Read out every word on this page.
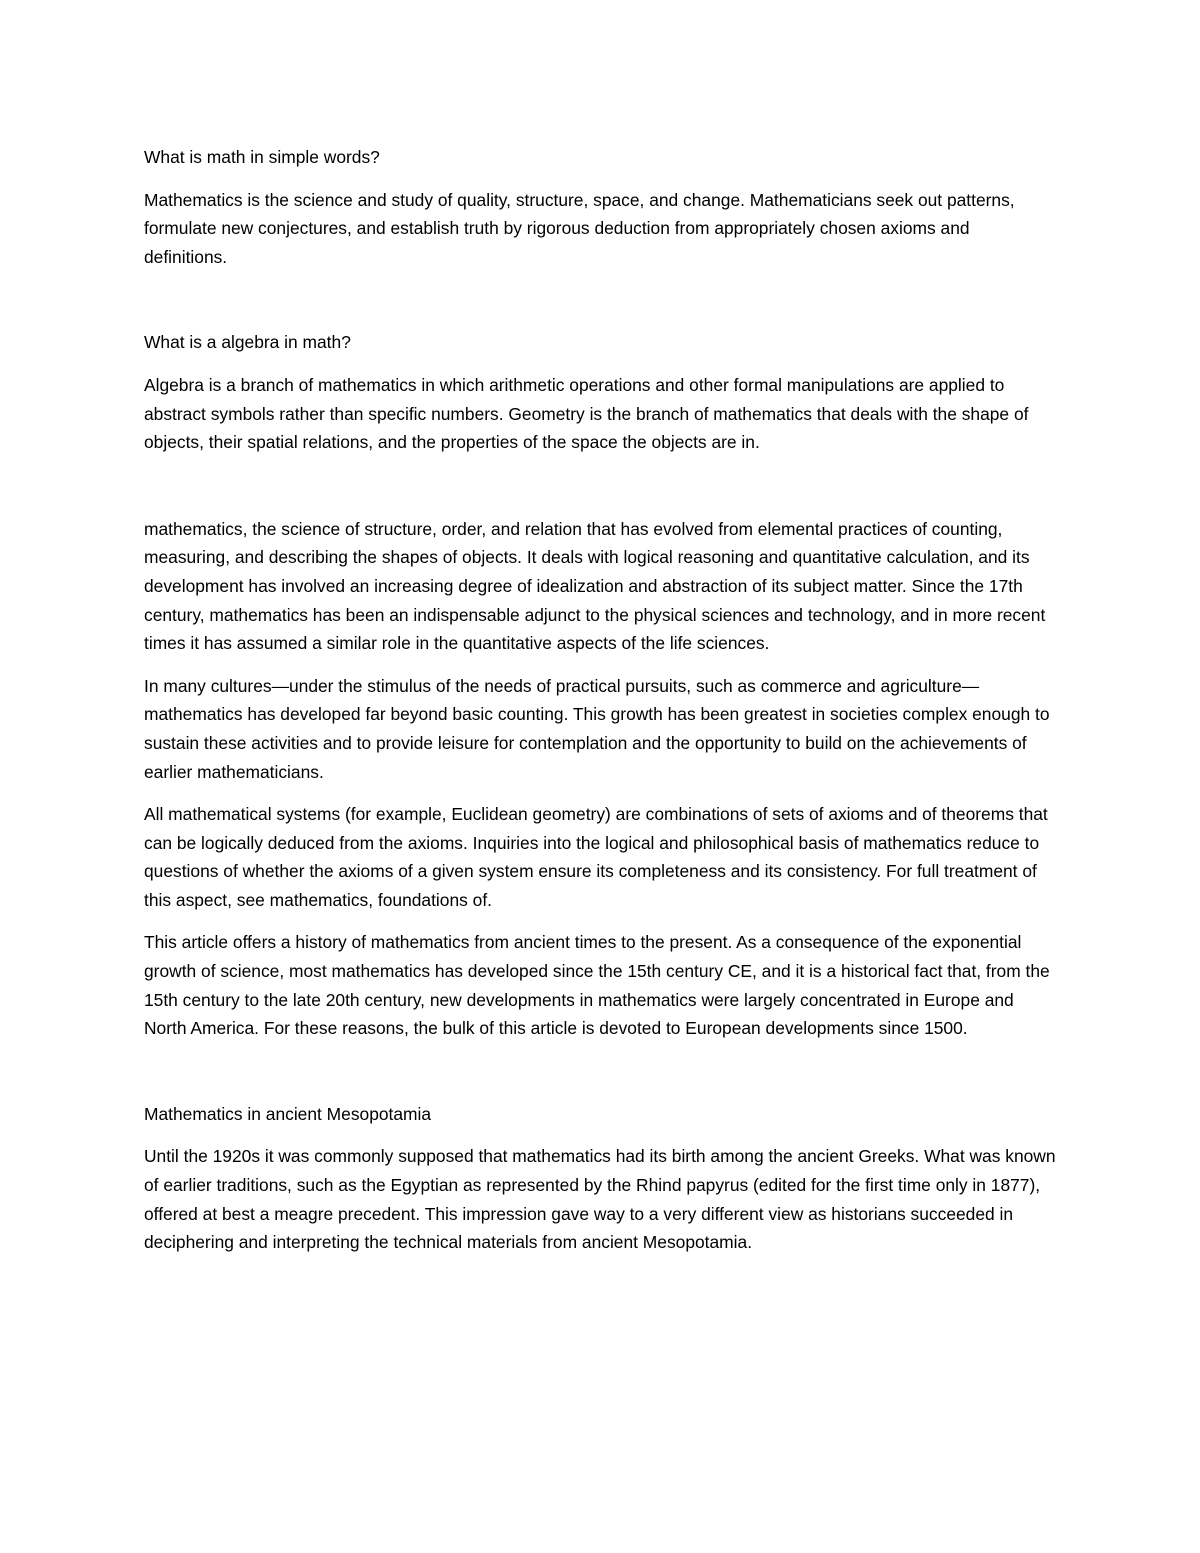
What is math in simple words?

Mathematics is the science and study of quality, structure, space, and change. Mathematicians seek out patterns, formulate new conjectures, and establish truth by rigorous deduction from appropriately chosen axioms and definitions.

What is a algebra in math?

Algebra is a branch of mathematics in which arithmetic operations and other formal manipulations are applied to abstract symbols rather than specific numbers. Geometry is the branch of mathematics that deals with the shape of objects, their spatial relations, and the properties of the space the objects are in.

mathematics, the science of structure, order, and relation that has evolved from elemental practices of counting, measuring, and describing the shapes of objects. It deals with logical reasoning and quantitative calculation, and its development has involved an increasing degree of idealization and abstraction of its subject matter. Since the 17th century, mathematics has been an indispensable adjunct to the physical sciences and technology, and in more recent times it has assumed a similar role in the quantitative aspects of the life sciences.

In many cultures—under the stimulus of the needs of practical pursuits, such as commerce and agriculture—mathematics has developed far beyond basic counting. This growth has been greatest in societies complex enough to sustain these activities and to provide leisure for contemplation and the opportunity to build on the achievements of earlier mathematicians.

All mathematical systems (for example, Euclidean geometry) are combinations of sets of axioms and of theorems that can be logically deduced from the axioms. Inquiries into the logical and philosophical basis of mathematics reduce to questions of whether the axioms of a given system ensure its completeness and its consistency. For full treatment of this aspect, see mathematics, foundations of.

This article offers a history of mathematics from ancient times to the present. As a consequence of the exponential growth of science, most mathematics has developed since the 15th century CE, and it is a historical fact that, from the 15th century to the late 20th century, new developments in mathematics were largely concentrated in Europe and North America. For these reasons, the bulk of this article is devoted to European developments since 1500.

Mathematics in ancient Mesopotamia

Until the 1920s it was commonly supposed that mathematics had its birth among the ancient Greeks. What was known of earlier traditions, such as the Egyptian as represented by the Rhind papyrus (edited for the first time only in 1877), offered at best a meagre precedent. This impression gave way to a very different view as historians succeeded in deciphering and interpreting the technical materials from ancient Mesopotamia.
